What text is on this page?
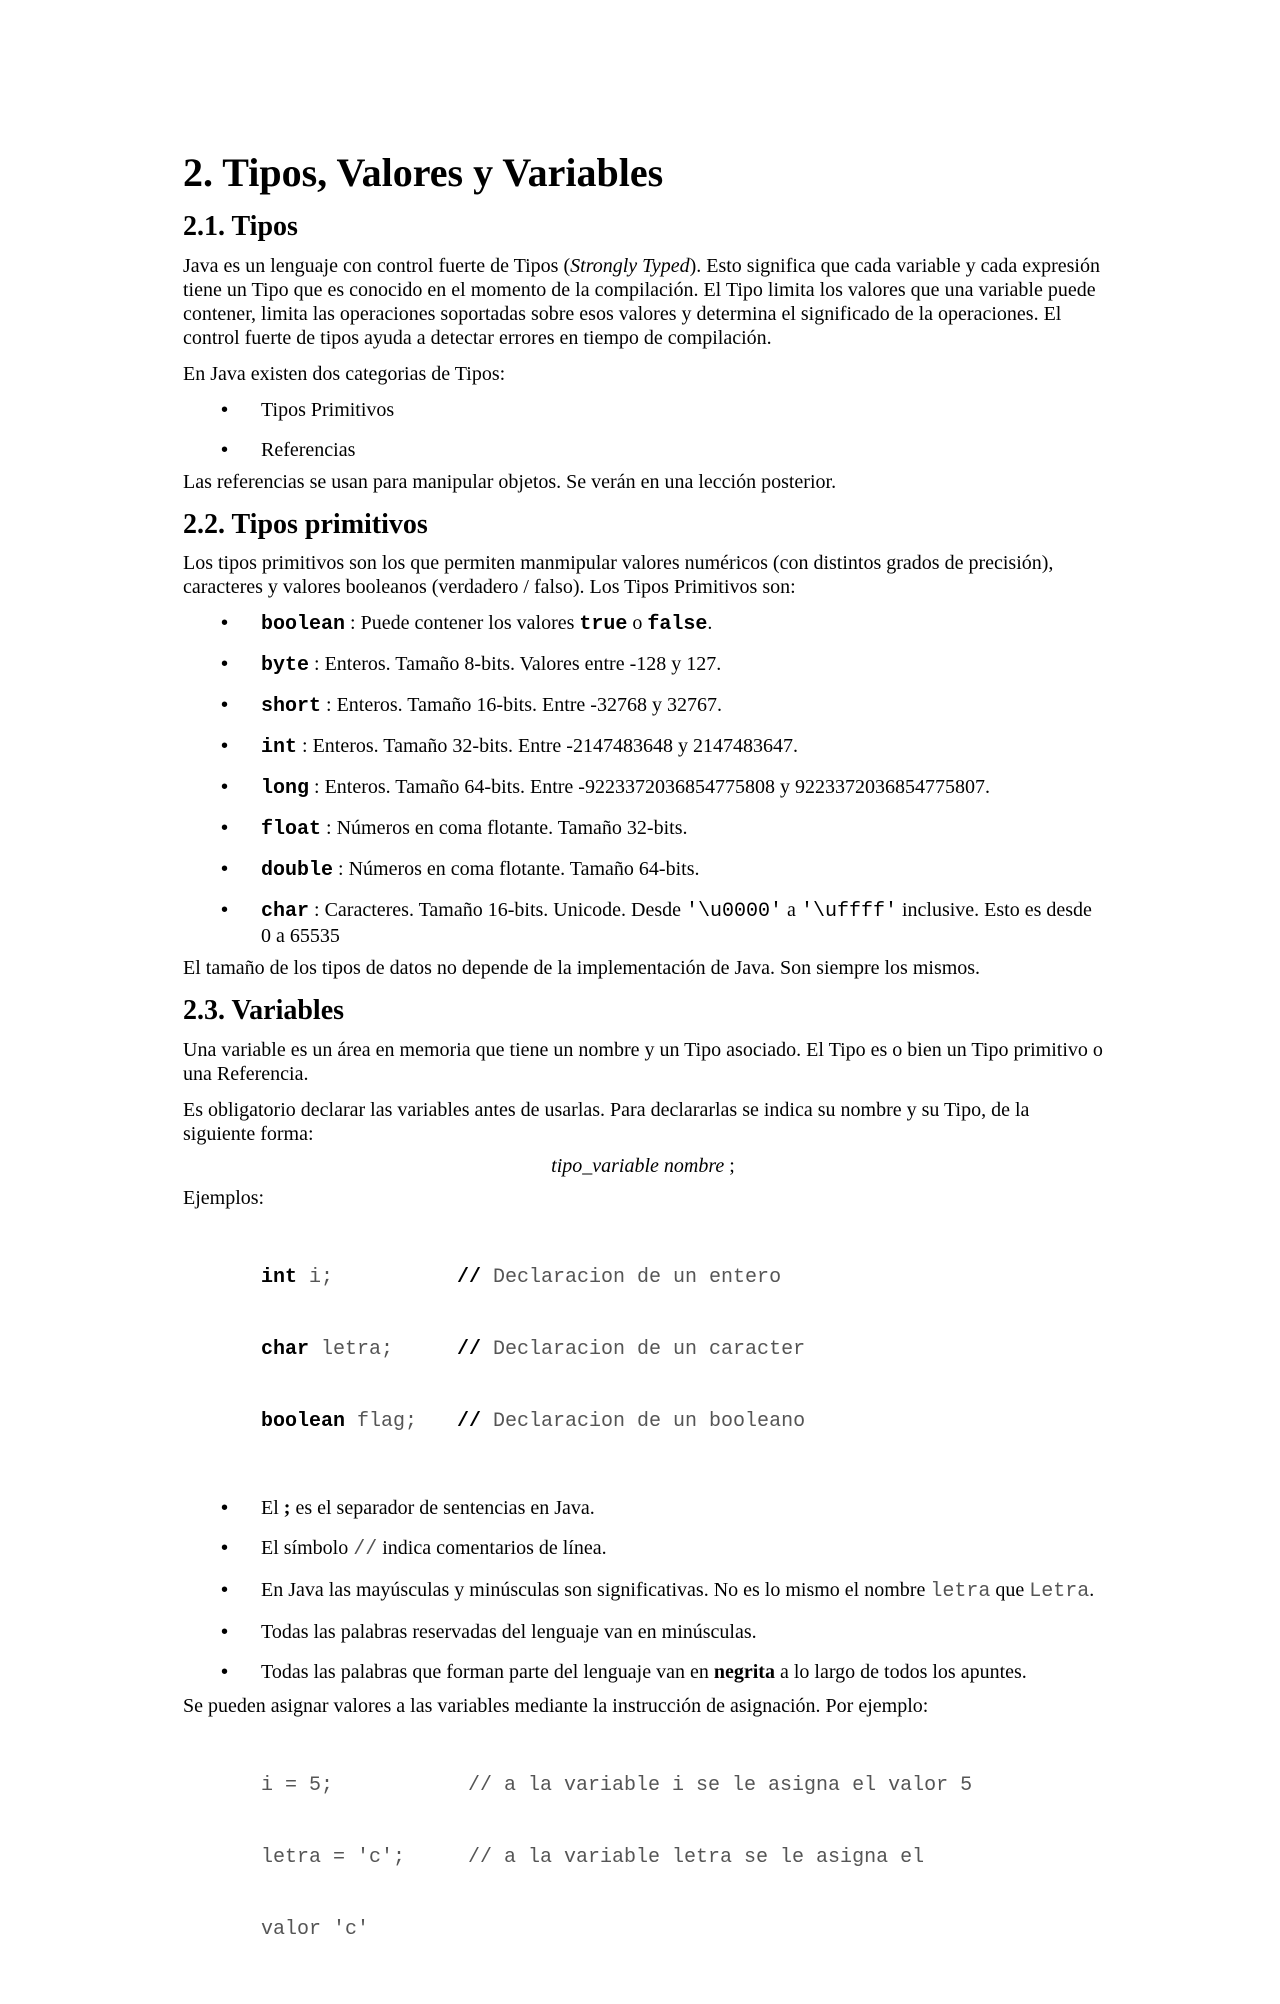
2. Tipos, Valores y Variables
2.1. Tipos

Java es un lenguaje con control fuerte de Tipos (Strongly Typed). Esto significa que cada variable y cada expresión tiene un Tipo que es conocido en el momento de la compilación. El Tipo limita los valores que una variable puede contener, limita las operaciones soportadas sobre esos valores y determina el significado de la operaciones. El control fuerte de tipos ayuda a detectar errores en tiempo de compilación.

En Java existen dos categorias de Tipos:

• Tipos Primitivos
• Referencias

Las referencias se usan para manipular objetos. Se verán en una lección posterior.

2.2. Tipos primitivos

Los tipos primitivos son los que permiten manmipular valores numéricos (con distintos grados de precisión), caracteres y valores booleanos (verdadero / falso). Los Tipos Primitivos son:

• boolean : Puede contener los valores true o false.
• byte : Enteros. Tamaño 8-bits. Valores entre -128 y 127.
• short : Enteros. Tamaño 16-bits. Entre -32768 y 32767.
• int : Enteros. Tamaño 32-bits. Entre -2147483648 y 2147483647.
• long : Enteros. Tamaño 64-bits. Entre -9223372036854775808 y 9223372036854775807.
• float : Números en coma flotante. Tamaño 32-bits.
• double : Números en coma flotante. Tamaño 64-bits.
• char : Caracteres. Tamaño 16-bits. Unicode. Desde '\u0000' a '\uffff' inclusive. Esto es desde 0 a 65535

El tamaño de los tipos de datos no depende de la implementación de Java. Son siempre los mismos.

2.3. Variables

Una variable es un área en memoria que tiene un nombre y un Tipo asociado. El Tipo es o bien un Tipo primitivo o una Referencia.

Es obligatorio declarar las variables antes de usarlas. Para declararlas se indica su nombre y su Tipo, de la siguiente forma:

tipo_variable nombre ;

Ejemplos:

int i;	// Declaracion de un entero

char letra;	// Declaracion de un caracter

boolean flag;	// Declaracion de un booleano

• El ; es el separador de sentencias en Java.
• El símbolo // indica comentarios de línea.
• En Java las mayúsculas y minúsculas son significativas. No es lo mismo el nombre letra que Letra.
• Todas las palabras reservadas del lenguaje van en minúsculas.
• Todas las palabras que forman parte del lenguaje van en negrita a lo largo de todos los apuntes.

Se pueden asignar valores a las variables mediante la instrucción de asignación. Por ejemplo:

i = 5;	// a la variable i se le asigna el valor 5

letra = 'c';	// a la variable letra se le asigna el

valor 'c'
